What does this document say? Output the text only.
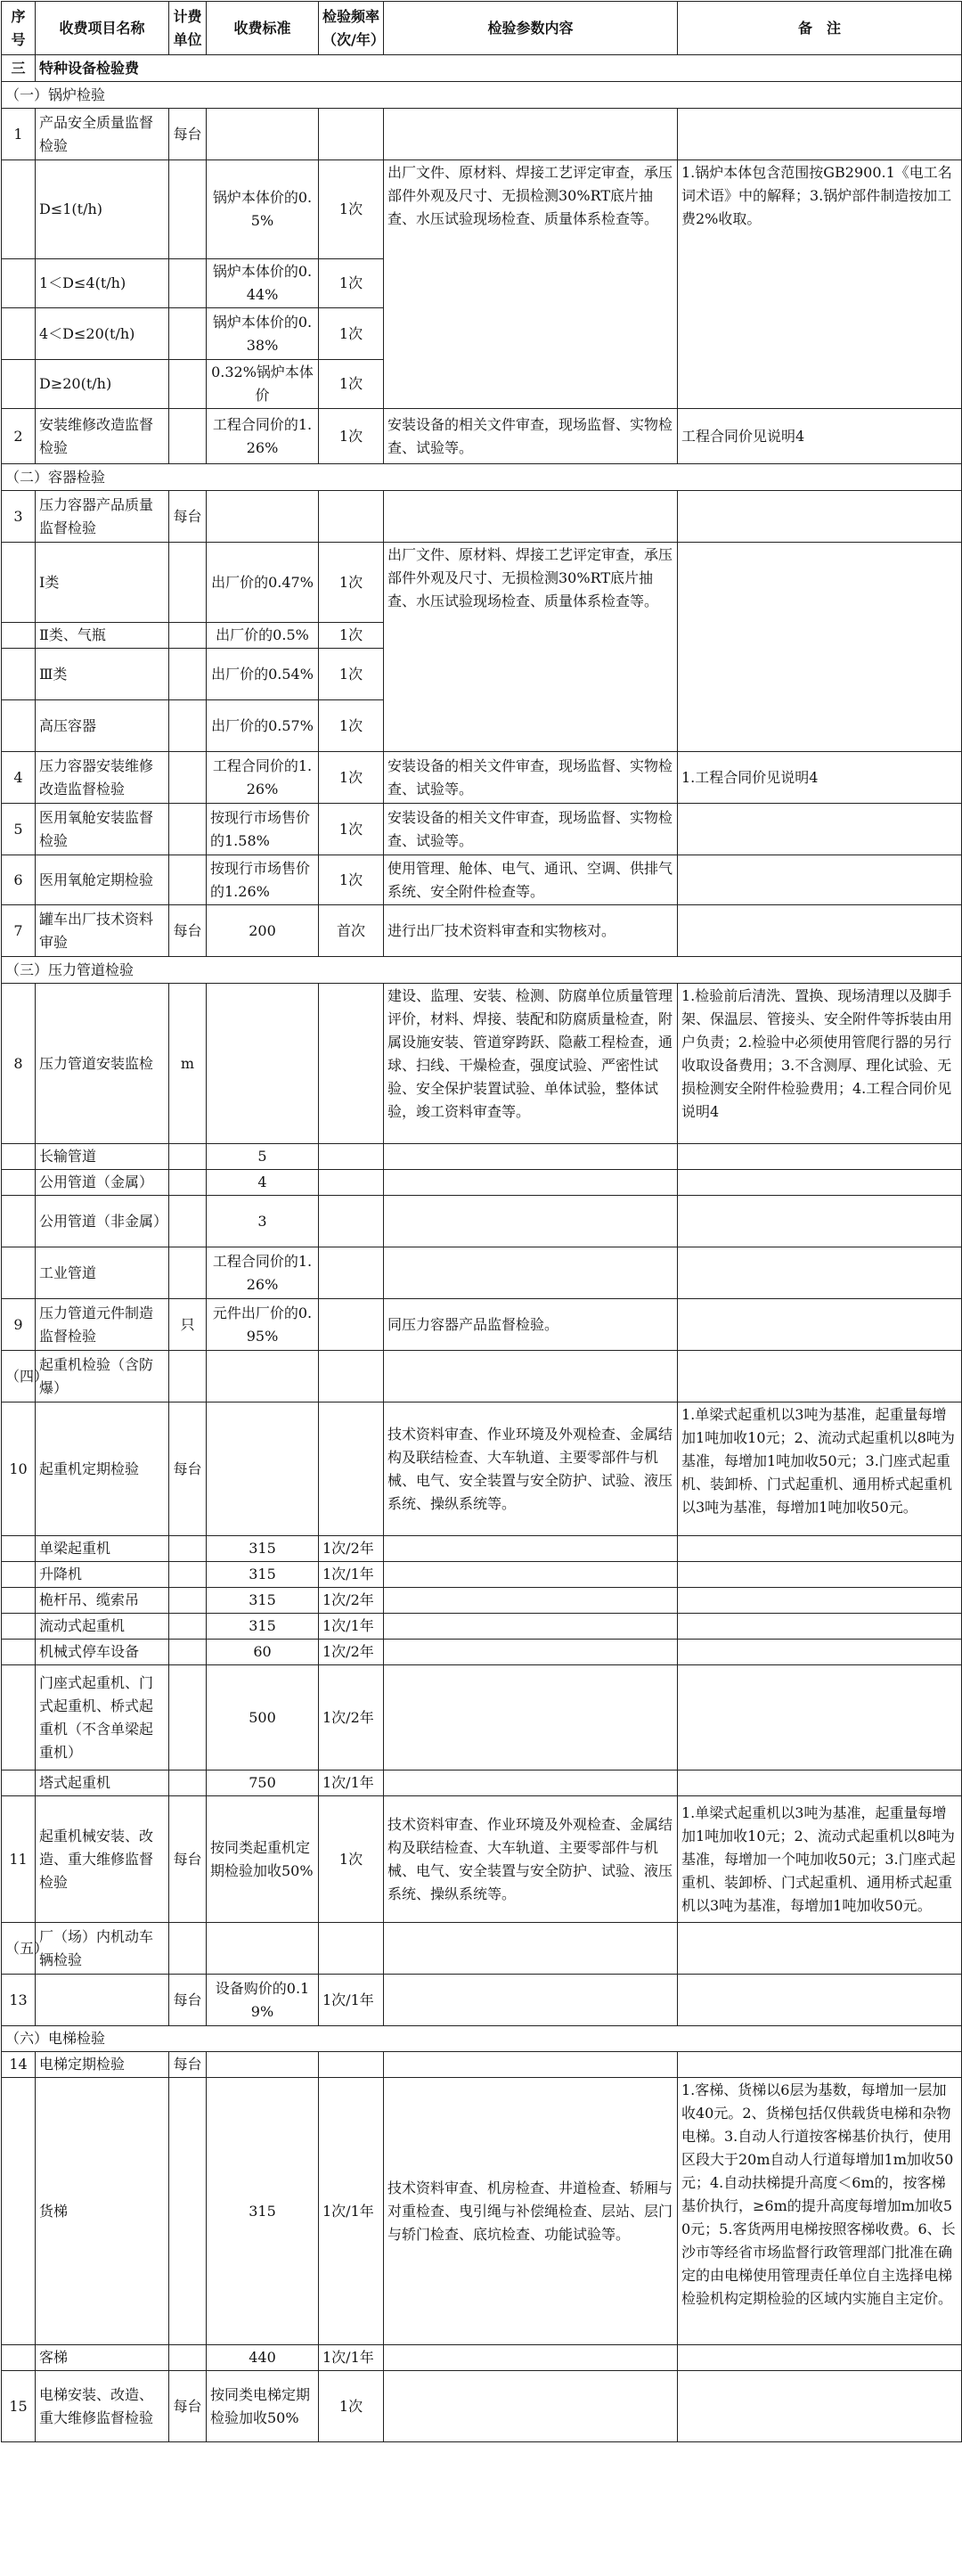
序号	收费项目名称	计费单位	收费标准	检验频率（次/年）	检验参数内容	备　注
三	特种设备检验费					
（一）锅炉检验						
1	产品安全质量监督检验	每台				
	D≤1(t/h)		锅炉本体价的0.5%	1次	出厂文件、原材料、焊接工艺评定审查，承压部件外观及尺寸、无损检测30%RT底片抽查、水压试验现场检查、质量体系检查等。	1.锅炉本体包含范围按GB2900.1《电工名词术语》中的解释；3.锅炉部件制造按加工费2%收取。
	1＜D≤4(t/h)		锅炉本体价的0.44%	1次		
	4＜D≤20(t/h)		锅炉本体价的0.38%	1次		
	D≥20(t/h)		0.32%锅炉本体价	1次		
2	安装维修改造监督检验		工程合同价的1.26%	1次	安装设备的相关文件审查，现场监督、实物检查、试验等。	工程合同价见说明4
（二）容器检验						
3	压力容器产品质量监督检验	每台				
	Ⅰ类		出厂价的0.47%	1次	出厂文件、原材料、焊接工艺评定审查，承压部件外观及尺寸、无损检测30%RT底片抽查、水压试验现场检查、质量体系检查等。	
	Ⅱ类、气瓶		出厂价的0.5%	1次		
	Ⅲ类		出厂价的0.54%	1次		
	高压容器		出厂价的0.57%	1次		
4	压力容器安装维修改造监督检验		工程合同价的1.26%	1次	安装设备的相关文件审查，现场监督、实物检查、试验等。	1.工程合同价见说明4
5	医用氧舱安装监督检验		按现行市场售价的1.58%	1次	安装设备的相关文件审查，现场监督、实物检查、试验等。	
6	医用氧舱定期检验		按现行市场售价的1.26%	1次	使用管理、舱体、电气、通讯、空调、供排气系统、安全附件检查等。	
7	罐车出厂技术资料审验	每台	200	首次	进行出厂技术资料审查和实物核对。	
（三）压力管道检验						
8	压力管道安装监检	m			建设、监理、安装、检测、防腐单位质量管理评价，材料、焊接、装配和防腐质量检查，附属设施安装、管道穿跨跃、隐蔽工程检查，通球、扫线、干燥检查，强度试验、严密性试验、安全保护装置试验、单体试验，整体试验，竣工资料审查等。	1.检验前后清洗、置换、现场清理以及脚手架、保温层、管接头、安全附件等拆装由用户负责；2.检验中必须使用管爬行器的另行收取设备费用；3.不含测厚、理化试验、无损检测安全附件检验费用；4.工程合同价见说明4
	长输管道		5			
	公用管道（金属）		4			
	公用管道（非金属）		3			
	工业管道		工程合同价的1.26%			
9	压力管道元件制造监督检验	只	元件出厂价的0.95%		同压力容器产品监督检验。	
（四）	起重机检验（含防爆）					
10	起重机定期检验	每台			技术资料审查、作业环境及外观检查、金属结构及联结检查、大车轨道、主要零部件与机械、电气、安全装置与安全防护、试验、液压系统、操纵系统等。	1.单梁式起重机以3吨为基准，起重量每增加1吨加收10元；2、流动式起重机以8吨为基准，每增加1吨加收50元；3.门座式起重机、装卸桥、门式起重机、通用桥式起重机以3吨为基准，每增加1吨加收50元。
	单梁起重机		315	1次/2年		
	升降机		315	1次/1年		
	桅杆吊、缆索吊		315	1次/2年		
	流动式起重机		315	1次/1年		
	机械式停车设备		60	1次/2年		
	门座式起重机、门式起重机、桥式起重机（不含单梁起重机）		500	1次/2年		
	塔式起重机		750	1次/1年		
11	起重机械安装、改造、重大维修监督检验	每台	按同类起重机定期检验加收50%	1次	技术资料审查、作业环境及外观检查、金属结构及联结检查、大车轨道、主要零部件与机械、电气、安全装置与安全防护、试验、液压系统、操纵系统等。	1.单梁式起重机以3吨为基准，起重量每增加1吨加收10元；2、流动式起重机以8吨为基准，每增加一个吨加收50元；3.门座式起重机、装卸桥、门式起重机、通用桥式起重机以3吨为基准，每增加1吨加收50元。
（五）	厂（场）内机动车辆检验					
13		每台	设备购价的0.19%	1次/1年		
（六）电梯检验						
14	电梯定期检验	每台				
	货梯		315	1次/1年	技术资料审查、机房检查、井道检查、轿厢与对重检查、曳引绳与补偿绳检查、层站、层门与轿门检查、底坑检查、功能试验等。	1.客梯、货梯以6层为基数，每增加一层加收40元。2、货梯包括仅供载货电梯和杂物电梯。3.自动人行道按客梯基价执行，使用区段大于20m自动人行道每增加1m加收50元；4.自动扶梯提升高度＜6m的，按客梯基价执行，≥6m的提升高度每增加m加收50元；5.客货两用电梯按照客梯收费。6、长沙市等经省市场监督行政管理部门批准在确定的由电梯使用管理责任单位自主选择电梯检验机构定期检验的区域内实施自主定价。
	客梯		440	1次/1年		
15	电梯安装、改造、重大维修监督检验	每台	按同类电梯定期检验加收50%	1次		
